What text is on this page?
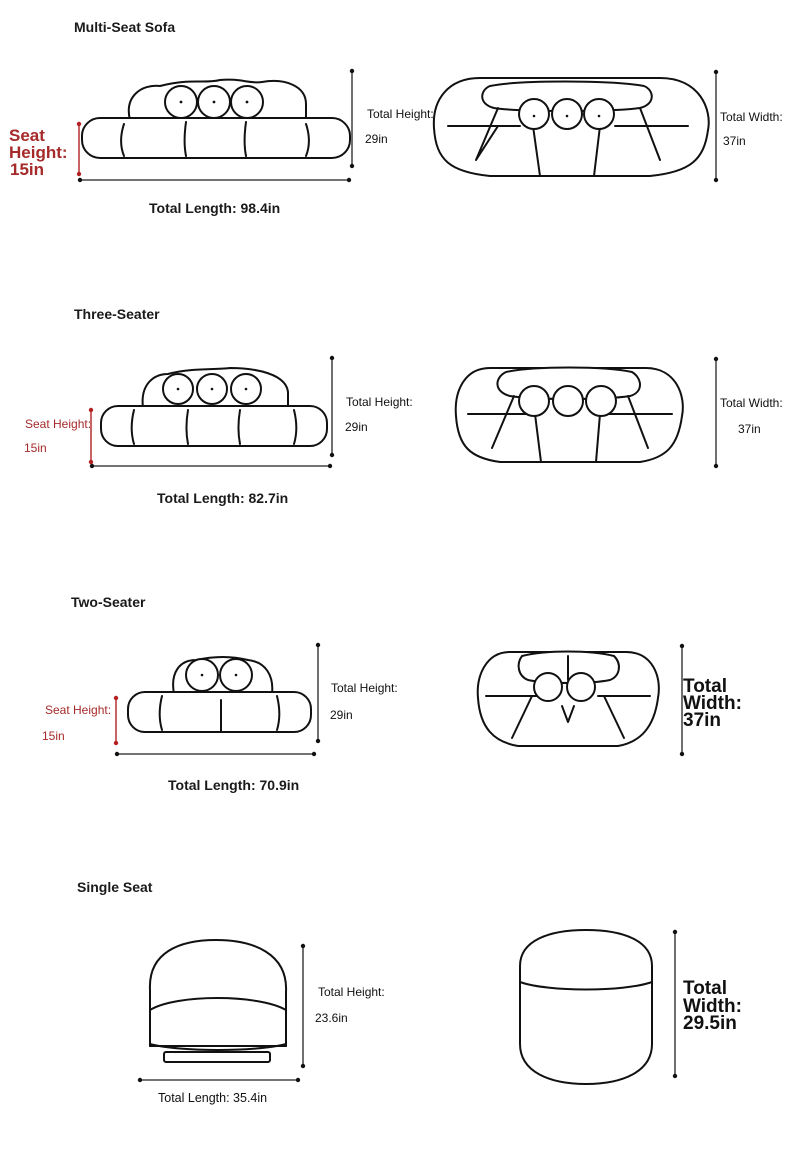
Multi-Seat Sofa
Seat Height:
15in
Total Height:
29in
Total Width:
37in
Total Length: 98.4in
Three-Seater
Seat Height:
15in
Total Height:
29in
Total Width:
37in
Total Length: 82.7in
Two-Seater
Seat Height:
15in
Total Height:
29in
Total
Width:
37in
Total Length: 70.9in
Single Seat
Total Height:
23.6in
Total
Width:
29.5in
Total Length: 35.4in
